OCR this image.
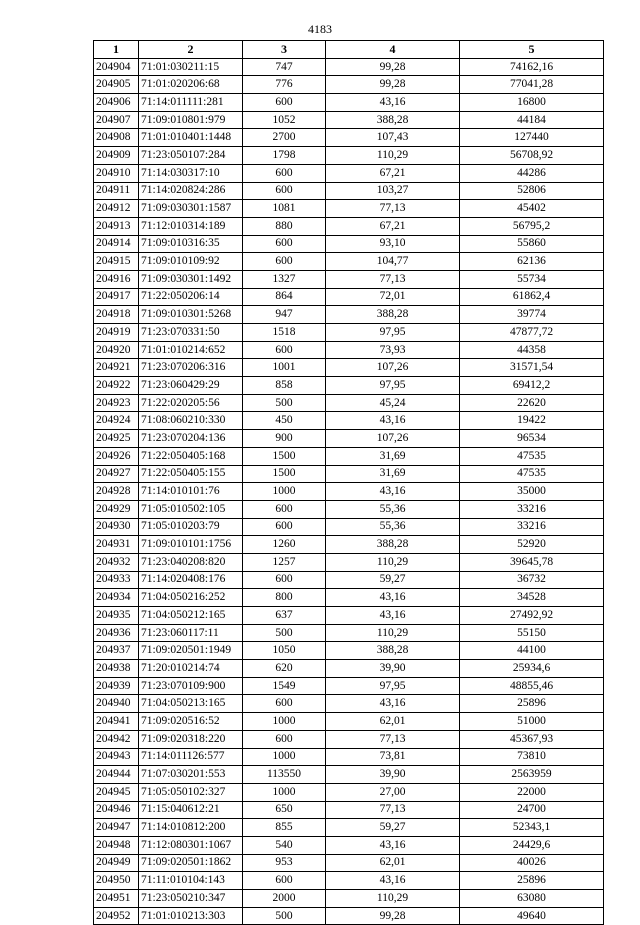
4183
1	2	3	4	5
204904	71:01:030211:15	747	99,28	74162,16
204905	71:01:020206:68	776	99,28	77041,28
204906	71:14:011111:281	600	43,16	16800
204907	71:09:010801:979	1052	388,28	44184
204908	71:01:010401:1448	2700	107,43	127440
204909	71:23:050107:284	1798	110,29	56708,92
204910	71:14:030317:10	600	67,21	44286
204911	71:14:020824:286	600	103,27	52806
204912	71:09:030301:1587	1081	77,13	45402
204913	71:12:010314:189	880	67,21	56795,2
204914	71:09:010316:35	600	93,10	55860
204915	71:09:010109:92	600	104,77	62136
204916	71:09:030301:1492	1327	77,13	55734
204917	71:22:050206:14	864	72,01	61862,4
204918	71:09:010301:5268	947	388,28	39774
204919	71:23:070331:50	1518	97,95	47877,72
204920	71:01:010214:652	600	73,93	44358
204921	71:23:070206:316	1001	107,26	31571,54
204922	71:23:060429:29	858	97,95	69412,2
204923	71:22:020205:56	500	45,24	22620
204924	71:08:060210:330	450	43,16	19422
204925	71:23:070204:136	900	107,26	96534
204926	71:22:050405:168	1500	31,69	47535
204927	71:22:050405:155	1500	31,69	47535
204928	71:14:010101:76	1000	43,16	35000
204929	71:05:010502:105	600	55,36	33216
204930	71:05:010203:79	600	55,36	33216
204931	71:09:010101:1756	1260	388,28	52920
204932	71:23:040208:820	1257	110,29	39645,78
204933	71:14:020408:176	600	59,27	36732
204934	71:04:050216:252	800	43,16	34528
204935	71:04:050212:165	637	43,16	27492,92
204936	71:23:060117:11	500	110,29	55150
204937	71:09:020501:1949	1050	388,28	44100
204938	71:20:010214:74	620	39,90	25934,6
204939	71:23:070109:900	1549	97,95	48855,46
204940	71:04:050213:165	600	43,16	25896
204941	71:09:020516:52	1000	62,01	51000
204942	71:09:020318:220	600	77,13	45367,93
204943	71:14:011126:577	1000	73,81	73810
204944	71:07:030201:553	113550	39,90	2563959
204945	71:05:050102:327	1000	27,00	22000
204946	71:15:040612:21	650	77,13	24700
204947	71:14:010812:200	855	59,27	52343,1
204948	71:12:080301:1067	540	43,16	24429,6
204949	71:09:020501:1862	953	62,01	40026
204950	71:11:010104:143	600	43,16	25896
204951	71:23:050210:347	2000	110,29	63080
204952	71:01:010213:303	500	99,28	49640
